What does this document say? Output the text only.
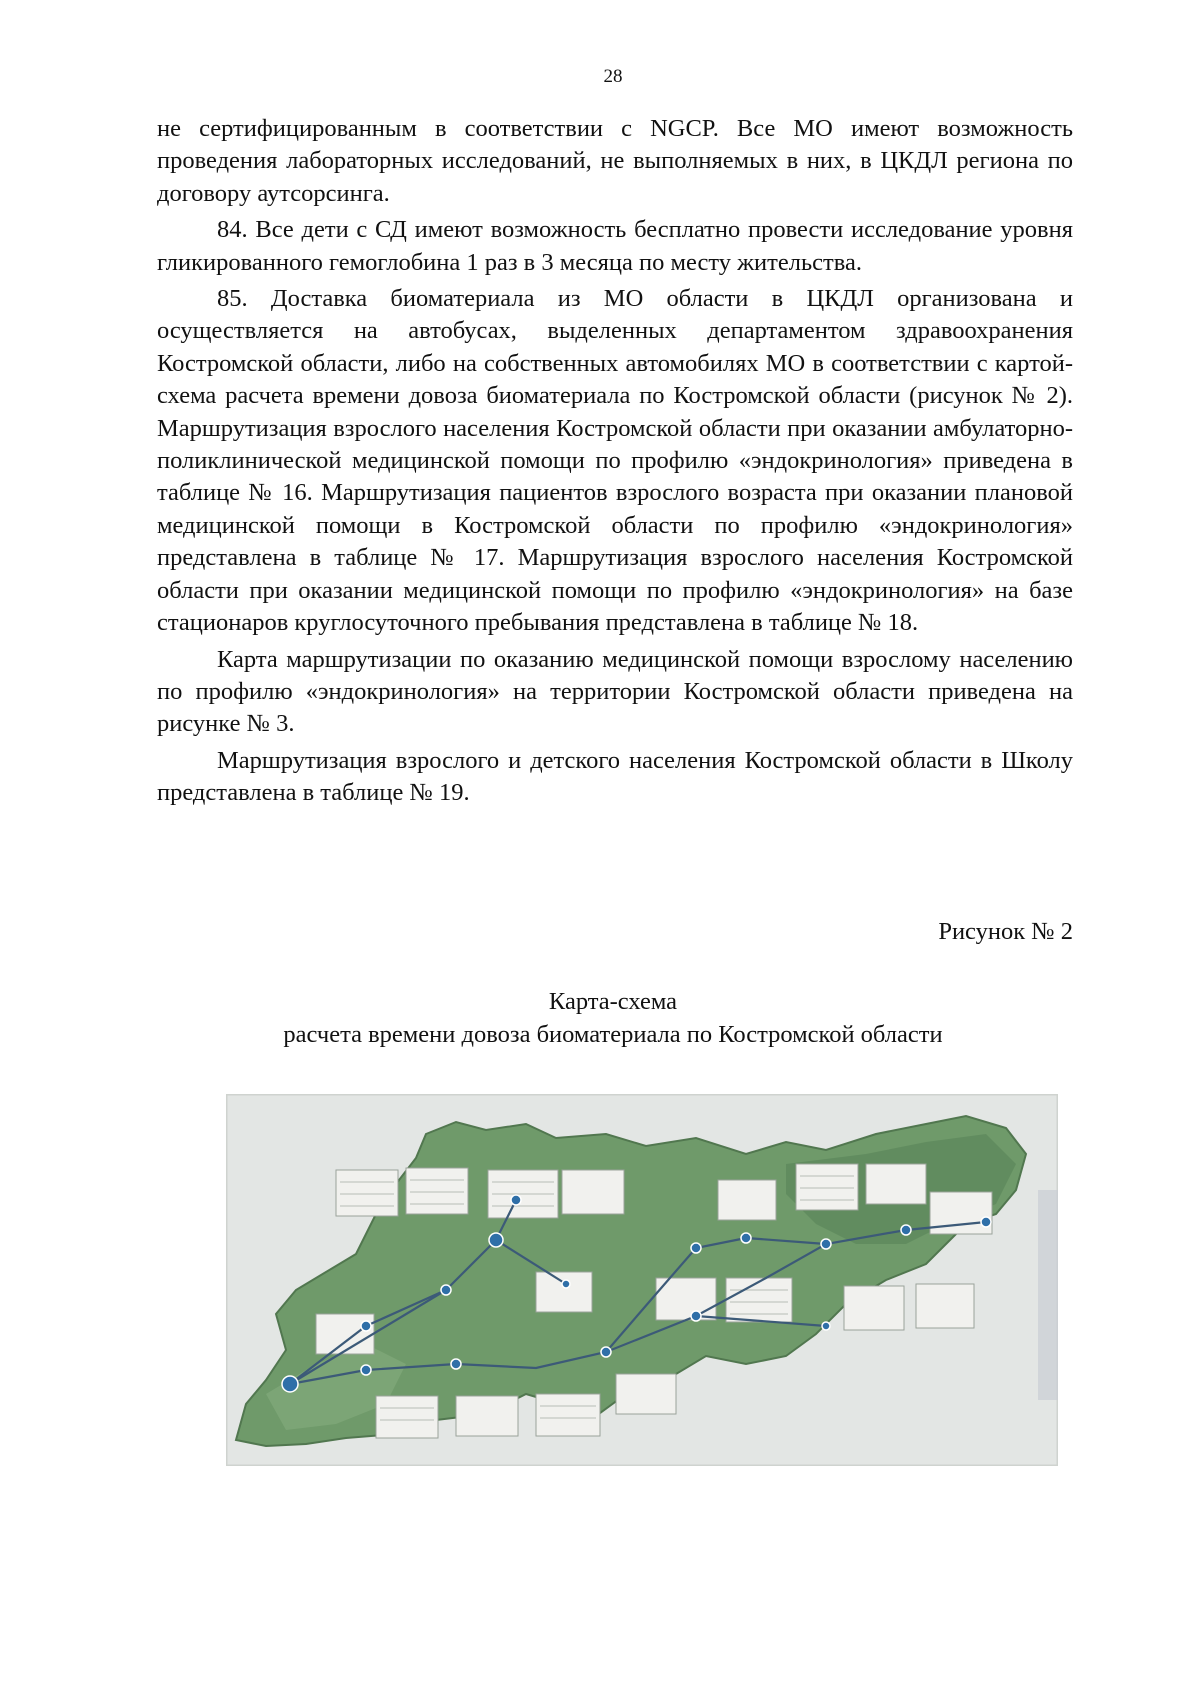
28

не сертифицированным в соответствии с NGCP. Все МО имеют возможность проведения лабораторных исследований, не выполняемых в них, в ЦКДЛ региона по договору аутсорсинга.

84. Все дети с СД имеют возможность бесплатно провести исследование уровня гликированного гемоглобина 1 раз в 3 месяца по месту жительства.

85. Доставка биоматериала из МО области в ЦКДЛ организована и осуществляется на автобусах, выделенных департаментом здравоохранения Костромской области, либо на собственных автомобилях МО в соответствии с картой-схема расчета времени довоза биоматериала по Костромской области (рисунок № 2). Маршрутизация взрослого населения Костромской области при оказании амбулаторно-поликлинической медицинской помощи по профилю «эндокринология» приведена в таблице № 16. Маршрутизация пациентов взрослого возраста при оказании плановой медицинской помощи в Костромской области по профилю «эндокринология» представлена в таблице № 17. Маршрутизация взрослого населения Костромской области при оказании медицинской помощи по профилю «эндокринология» на базе стационаров круглосуточного пребывания представлена в таблице № 18.

Карта маршрутизации по оказанию медицинской помощи взрослому населению по профилю «эндокринология» на территории Костромской области приведена на рисунке № 3.

Маршрутизация взрослого и детского населения Костромской области в Школу представлена в таблице № 19.

Рисунок № 2
Карта-схема
расчета времени довоза биоматериала по Костромской области
